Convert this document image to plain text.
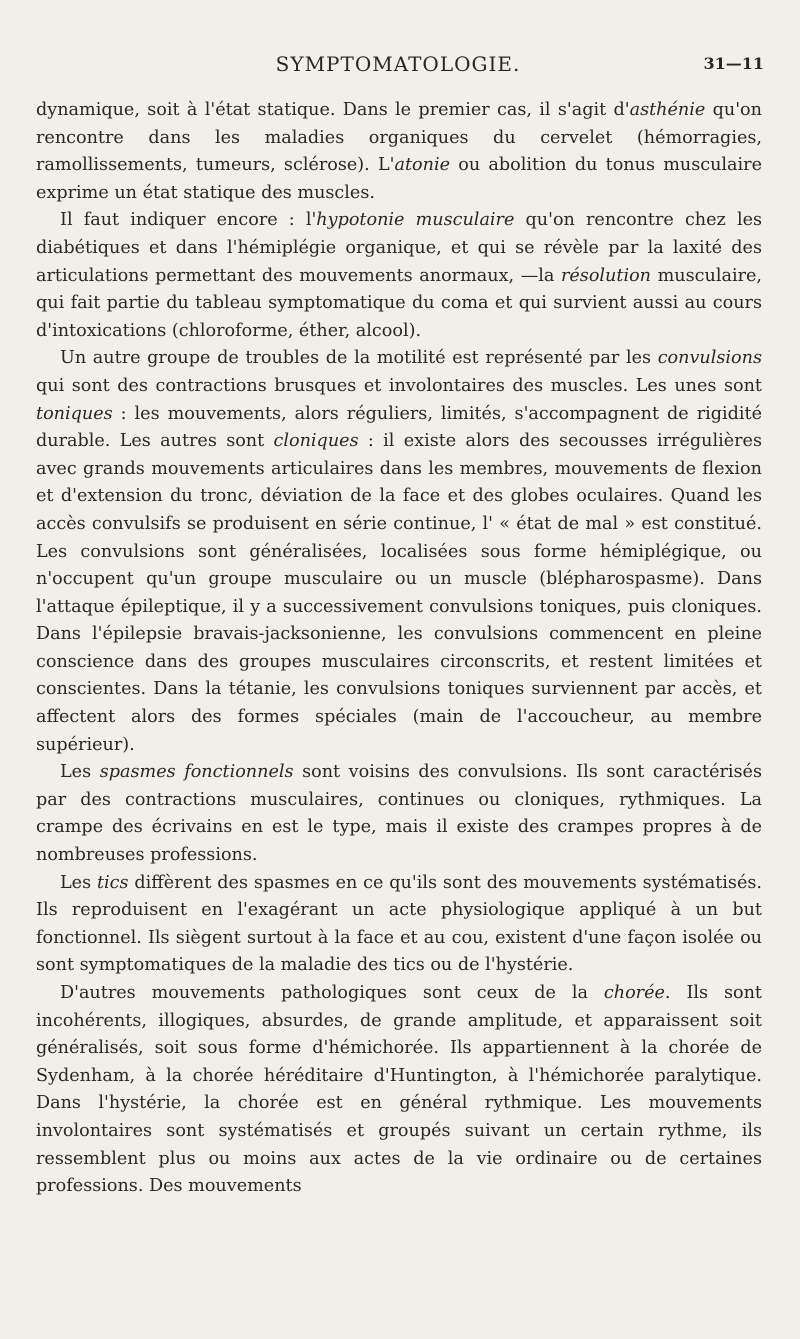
SYMPTOMATOLOGIE.	31—11

dynamique, soit à l'état statique. Dans le premier cas, il s'agit d'asthénie qu'on rencontre dans les maladies organiques du cervelet (hémorragies, ramollissements, tumeurs, sclérose). L'atonie ou abolition du tonus musculaire exprime un état statique des muscles.

Il faut indiquer encore : l'hypotonie musculaire qu'on rencontre chez les diabétiques et dans l'hémiplégie organique, et qui se révèle par la laxité des articulations permettant des mouvements anormaux, —la résolution musculaire, qui fait partie du tableau symptomatique du coma et qui survient aussi au cours d'intoxications (chloroforme, éther, alcool).

Un autre groupe de troubles de la motilité est représenté par les convulsions qui sont des contractions brusques et involontaires des muscles. Les unes sont toniques : les mouvements, alors réguliers, limités, s'accompagnent de rigidité durable. Les autres sont cloniques : il existe alors des secousses irrégulières avec grands mouvements articulaires dans les membres, mouvements de flexion et d'extension du tronc, déviation de la face et des globes oculaires. Quand les accès convulsifs se produisent en série continue, l' « état de mal » est constitué. Les convulsions sont généralisées, localisées sous forme hémiplégique, ou n'occupent qu'un groupe musculaire ou un muscle (blépharospasme). Dans l'attaque épileptique, il y a successivement convulsions toniques, puis cloniques. Dans l'épilepsie bravais-jacksonienne, les convulsions commencent en pleine conscience dans des groupes musculaires circonscrits, et restent limitées et conscientes. Dans la tétanie, les convulsions toniques surviennent par accès, et affectent alors des formes spéciales (main de l'accoucheur, au membre supérieur).

Les spasmes fonctionnels sont voisins des convulsions. Ils sont caractérisés par des contractions musculaires, continues ou cloniques, rythmiques. La crampe des écrivains en est le type, mais il existe des crampes propres à de nombreuses professions.

Les tics diffèrent des spasmes en ce qu'ils sont des mouvements systématisés. Ils reproduisent en l'exagérant un acte physiologique appliqué à un but fonctionnel. Ils siègent surtout à la face et au cou, existent d'une façon isolée ou sont symptomatiques de la maladie des tics ou de l'hystérie.

D'autres mouvements pathologiques sont ceux de la chorée. Ils sont incohérents, illogiques, absurdes, de grande amplitude, et apparaissent soit généralisés, soit sous forme d'hémichorée. Ils appartiennent à la chorée de Sydenham, à la chorée héréditaire d'Huntington, à l'hémichorée paralytique. Dans l'hystérie, la chorée est en général rythmique. Les mouvements involontaires sont systématisés et groupés suivant un certain rythme, ils ressemblent plus ou moins aux actes de la vie ordinaire ou de certaines professions. Des mouvements
